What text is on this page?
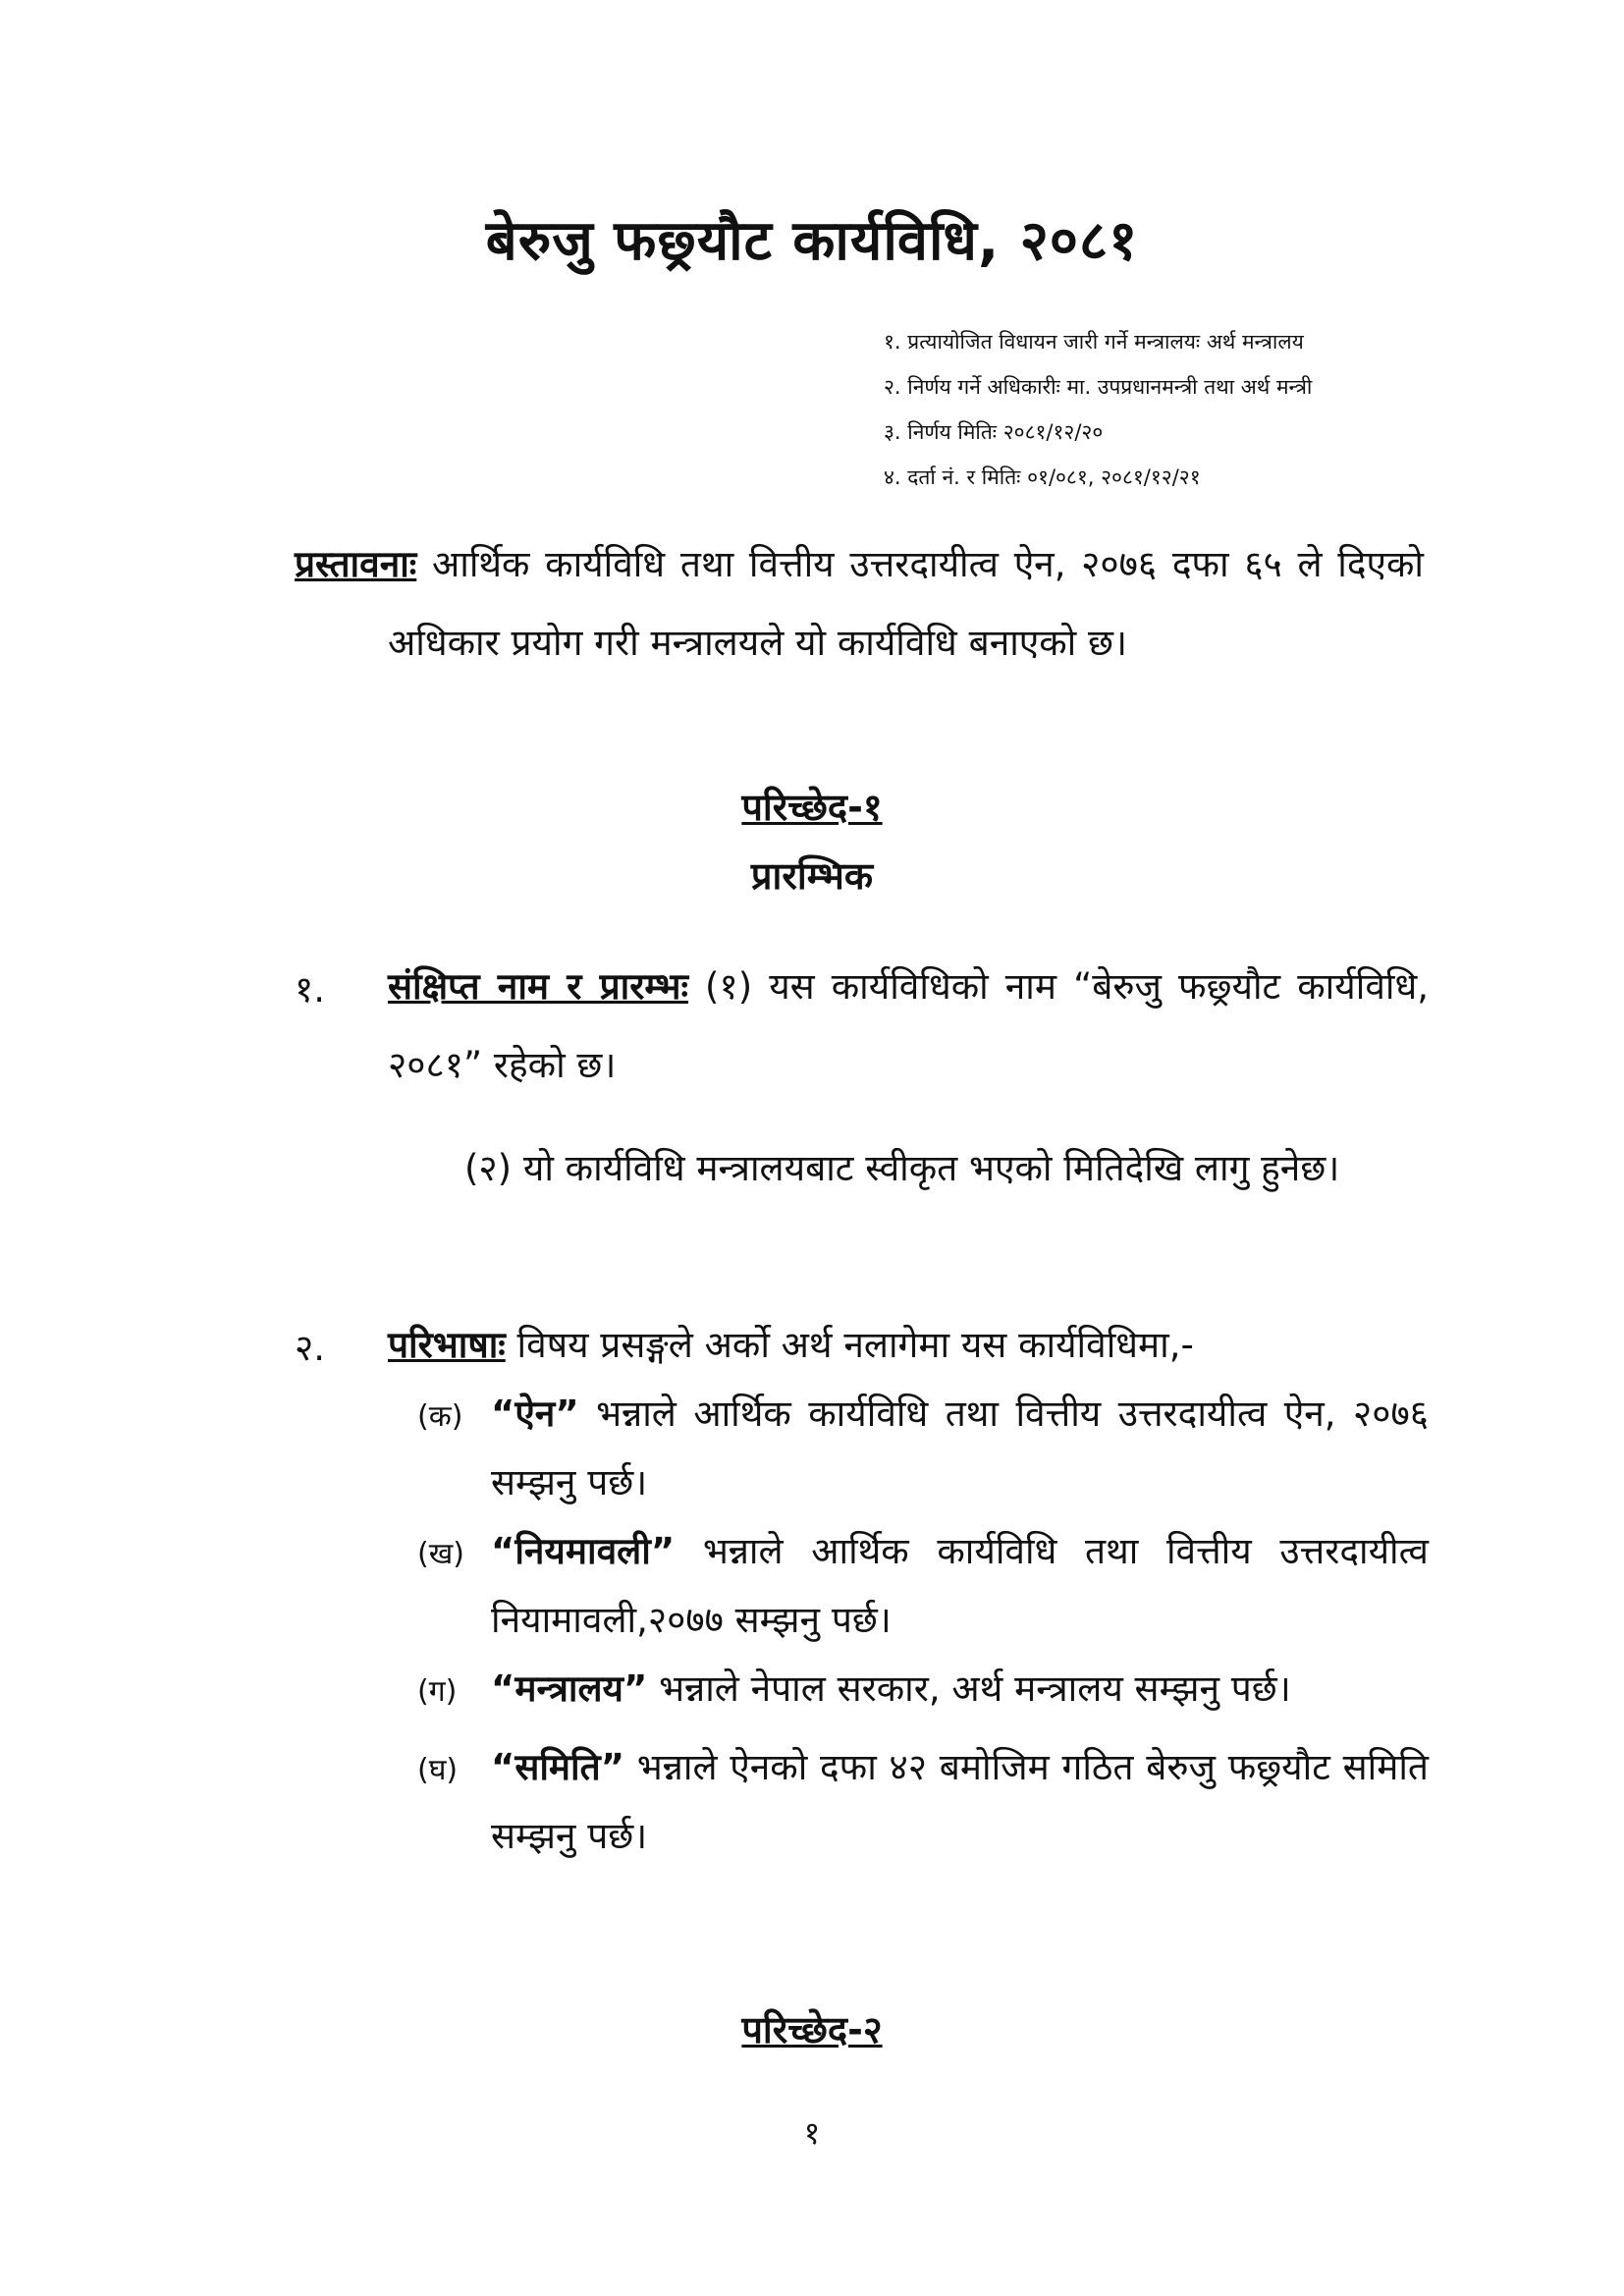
बेरुजु फछ्र्यौट कार्यविधि, २०८१
१. प्रत्यायोजित विधायन जारी गर्ने मन्त्रालयः अर्थ मन्त्रालय
२. निर्णय गर्ने अधिकारीः मा. उपप्रधानमन्त्री तथा अर्थ मन्त्री
३. निर्णय मितिः २०८१/१२/२०
४. दर्ता नं. र मितिः ०१/०८१, २०८१/१२/२१
प्रस्तावनाः आर्थिक कार्यविधि तथा वित्तीय उत्तरदायीत्व ऐन, २०७६ दफा ६५ ले दिएको अधिकार प्रयोग गरी मन्त्रालयले यो कार्यविधि बनाएको छ।
परिच्छेद-१
प्रारम्भिक
१. संक्षिप्त नाम र प्रारम्भः (१) यस कार्यविधिको नाम “बेरुजु फछ्र्यौट कार्यविधि, २०८१” रहेको छ।
(२) यो कार्यविधि मन्त्रालयबाट स्वीकृत भएको मितिदेखि लागु हुनेछ।
२. परिभाषाः विषय प्रसङ्गले अर्को अर्थ नलागेमा यस कार्यविधिमा,-
(क) “ऐन” भन्नाले आर्थिक कार्यविधि तथा वित्तीय उत्तरदायीत्व ऐन, २०७६ सम्झनु पर्छ।
(ख) “नियमावली” भन्नाले आर्थिक कार्यविधि तथा वित्तीय उत्तरदायीत्व नियामावली,२०७७ सम्झनु पर्छ।
(ग) “मन्त्रालय” भन्नाले नेपाल सरकार, अर्थ मन्त्रालय सम्झनु पर्छ।
(घ) “समिति” भन्नाले ऐनको दफा ४२ बमोजिम गठित बेरुजु फछ्र्यौट समिति सम्झनु पर्छ।
परिच्छेद-२
१
